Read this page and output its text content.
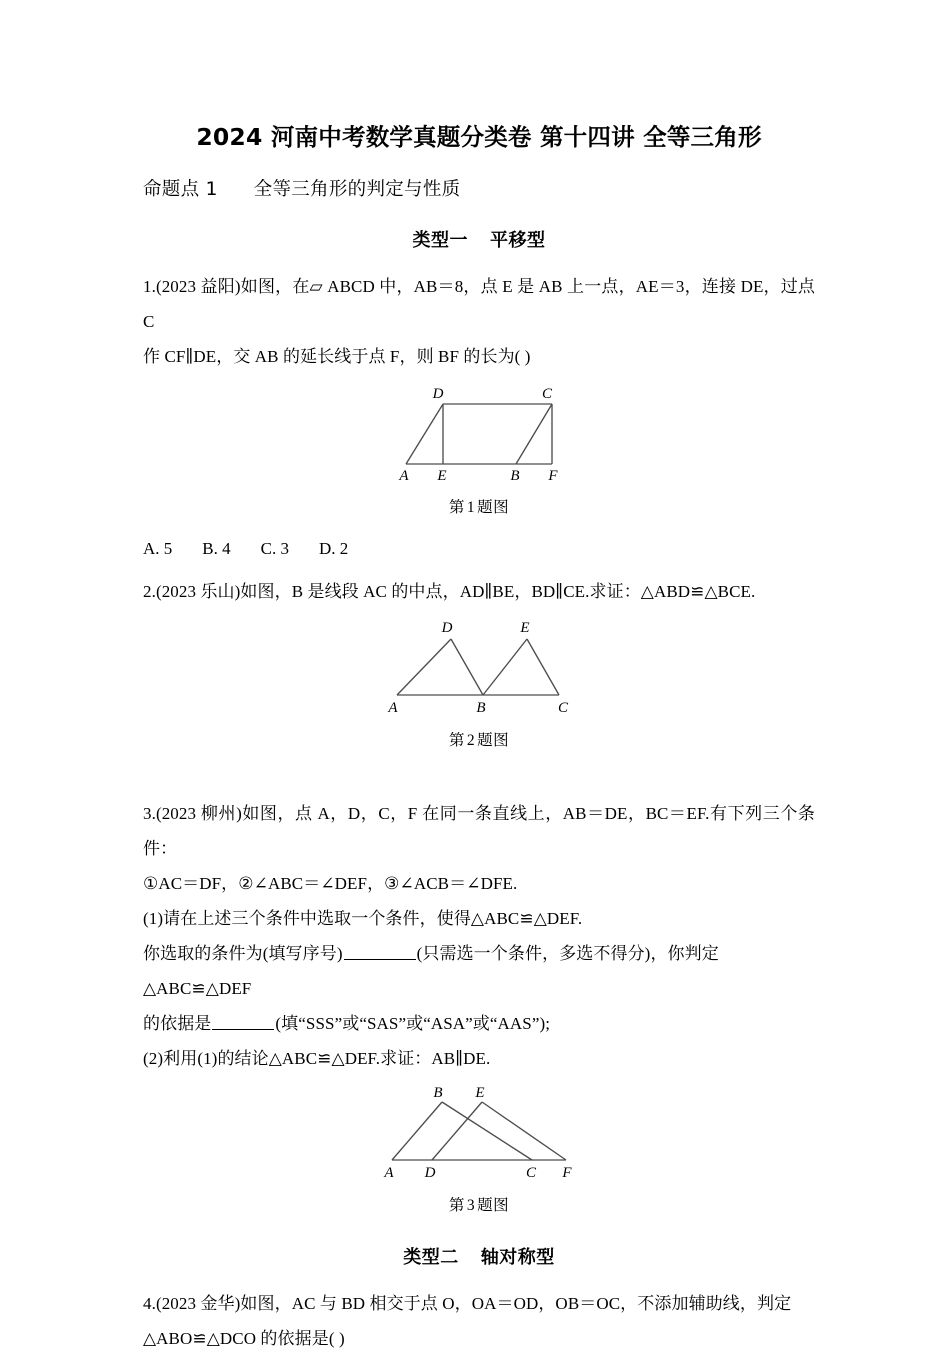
2024 河南中考数学真题分类卷 第十四讲 全等三角形
命题点 1 全等三角形的判定与性质
类型一 平移型

1.(2023 益阳)如图，在▱ ABCD 中，AB＝8，点 E 是 AB 上一点，AE＝3，连接 DE，过点 C

作 CF∥DE，交 AB 的延长线于点 F，则 BF 的长为( )

D	C
A E	B F
第 1 题图
A. 5 B. 4 C. 3 D. 2

2.(2023 乐山)如图，B 是线段 AC 的中点，AD∥BE，BD∥CE.求证：△ABD≌△BCE.

D	E
A	B	C
第 2 题图

3.(2023 柳州)如图，点 A，D，C，F 在同一条直线上，AB＝DE，BC＝EF.有下列三个条件：

①AC＝DF，②∠ABC＝∠DEF，③∠ACB＝∠DFE.

(1)请在上述三个条件中选取一个条件，使得△ABC≌△DEF.

你选取的条件为(填写序号)	(只需选一个条件，多选不得分)，你判定△ABC≌△DEF

的依据是	(填“SSS”或“SAS”或“ASA”或“AAS”);

(2)利用(1)的结论△ABC≌△DEF.求证：AB∥DE.

B E
A D	C F
第 3 题图
类型二 轴对称型

4.(2023 金华)如图，AC 与 BD 相交于点 O，OA＝OD，OB＝OC，不添加辅助线，判定

△ABO≌△DCO 的依据是( )
